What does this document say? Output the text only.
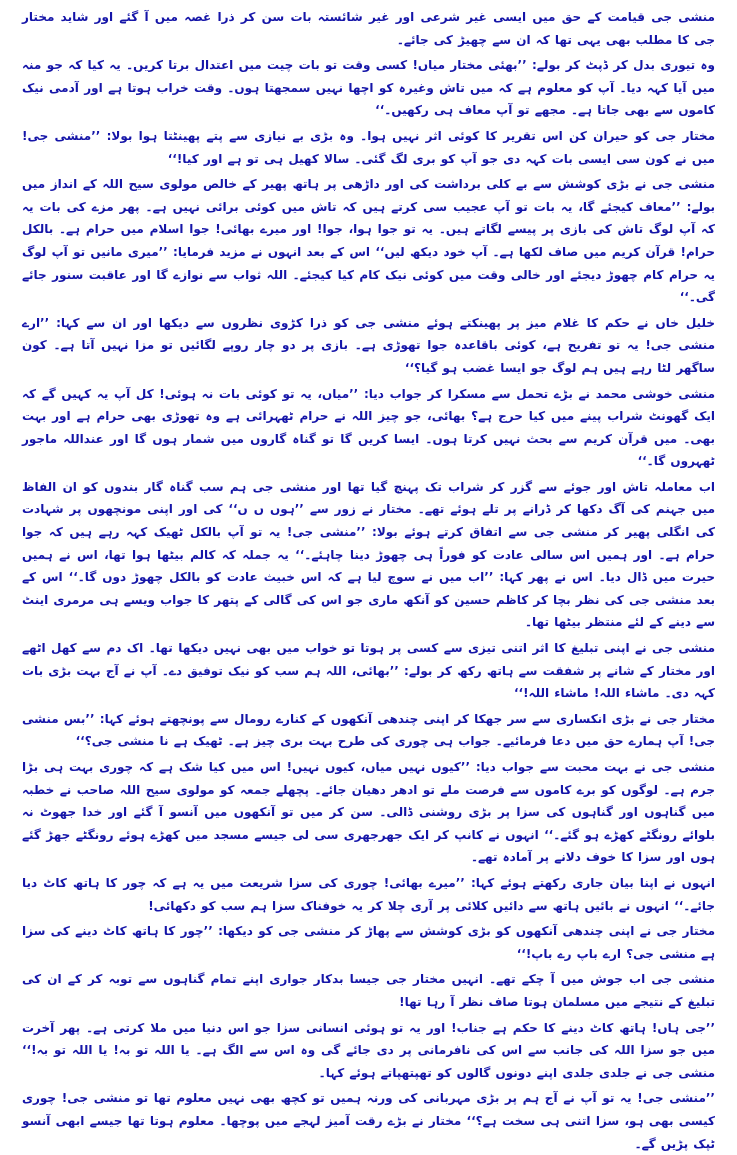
منشی جی قیامت کے حق میں ایسی غیر شرعی اور غیر شائستہ بات سن کر ذرا غصہ میں آ گئے اور شاید مختار جی کا مطلب بھی یہی تھا کہ ان سے چھیڑ کی جائے۔

وہ تیوری بدل کر ڈپٹ کر بولے: ’’بھئی مختار میاں! کسی وقت تو بات چیت میں اعتدال برتا کریں۔ یہ کیا کہ جو منہ میں آیا کہہ دیا۔ آپ کو معلوم ہے کہ میں تاش وغیرہ کو اچھا نہیں سمجھتا ہوں۔ وقت خراب ہوتا ہے اور آدمی نیک کاموں سے بھی جاتا ہے۔ مجھے تو آپ معاف ہی رکھیں۔‘‘

مختار جی کو حیران کن اس تقریر کا کوئی اثر نہیں ہوا۔ وہ بڑی بے نیازی سے پتے پھینٹتا ہوا بولا: ’’منشی جی! میں نے کون سی ایسی بات کہہ دی جو آپ کو بری لگ گئی۔ سالا کھیل ہی تو ہے اور کیا!‘‘

منشی جی نے بڑی کوشش سے بے کلی برداشت کی اور داڑھی پر ہاتھ پھیر کے خالص مولوی سیح اللہ کے انداز میں بولے: ’’معاف کیجئے گا، یہ بات تو آپ عجیب سی کرتے ہیں کہ تاش میں کوئی برائی نہیں ہے۔ پھر مزے کی بات یہ کہ آپ لوگ تاش کی بازی پر پیسے لگاتے ہیں۔ یہ تو جوا ہوا، جوا! اور میرے بھائی! جوا اسلام میں حرام ہے۔ بالکل حرام! قرآن کریم میں صاف لکھا ہے۔ آپ خود دیکھ لیں‘‘ اس کے بعد انہوں نے مزید فرمایا: ’’میری مانیں تو آپ لوگ یہ حرام کام چھوڑ دیجئے اور خالی وقت میں کوئی نیک کام کیا کیجئے۔ اللہ ثواب سے نوازے گا اور عاقبت سنور جائے گی۔‘‘

خلیل خاں نے حکم کا غلام میز پر پھینکتے ہوئے منشی جی کو ذرا کڑوی نظروں سے دیکھا اور ان سے کہا: ’’ارے منشی جی! یہ تو تفریح ہے، کوئی باقاعدہ جوا تھوڑی ہے۔ بازی پر دو چار روپے لگائیں تو مزا نہیں آتا ہے۔ کون ساگھر لٹا رہے ہیں ہم لوگ جو ایسا غضب ہو گیا؟‘‘

منشی خوشی محمد نے بڑے تحمل سے مسکرا کر جواب دیا: ’’میاں، یہ تو کوئی بات نہ ہوئی! کل آپ یہ کہیں گے کہ ایک گھونٹ شراب پینے میں کیا حرج ہے؟ بھائی، جو چیز اللہ نے حرام ٹھہرائی ہے وہ تھوڑی بھی حرام ہے اور بہت بھی۔ میں قرآن کریم سے بحث نہیں کرتا ہوں۔ ایسا کریں گا تو گناہ گاروں میں شمار ہوں گا اور عنداللہ ماجور ٹھہروں گا۔‘‘

اب معاملہ تاش اور جوئے سے گزر کر شراب تک پہنچ گیا تھا اور منشی جی ہم سب گناہ گار بندوں کو ان الفاظ میں جہنم کی آگ دکھا کر ڈرانے پر تلے ہوئے تھے۔ مختار نے زور سے ’’ہوں ں ں‘‘ کی اور اپنی مونچھوں پر شہادت کی انگلی پھیر کر منشی جی سے اتفاق کرتے ہوئے بولا: ’’منشی جی! یہ تو آپ بالکل ٹھیک کہہ رہے ہیں کہ جوا حرام ہے۔ اور ہمیں اس سالی عادت کو فوراً ہی چھوڑ دینا چاہئے۔‘‘ یہ جملہ کہ کالم بیٹھا ہوا تھا، اس نے ہمیں حیرت میں ڈال دیا۔ اس نے پھر کہا: ’’اب میں نے سوچ لیا ہے کہ اس خبیث عادت کو بالکل چھوڑ دوں گا۔‘‘ اس کے بعد منشی جی کی نظر بچا کر کاظم حسین کو آنکھ ماری جو اس کی گالی کے پتھر کا جواب ویسے ہی مرمری اینٹ سے دینے کے لئے منتظر بیٹھا تھا۔

منشی جی نے اپنی تبلیغ کا اثر اتنی تیزی سے کسی پر ہوتا تو خواب میں بھی نہیں دیکھا تھا۔ اک دم سے کھل اٹھے اور مختار کے شانے پر شفقت سے ہاتھ رکھ کر بولے: ’’بھائی، اللہ ہم سب کو نیک توفیق دے۔ آپ نے آج بہت بڑی بات کہہ دی۔ ماشاء اللہ! ماشاء اللہ!‘‘

مختار جی نے بڑی انکساری سے سر جھکا کر اپنی چندھی آنکھوں کے کنارے رومال سے پونچھتے ہوئے کہا: ’’بس منشی جی! آپ ہمارے حق میں دعا فرمائیے۔ جواب ہی چوری کی طرح بہت بری چیز ہے۔ ٹھیک ہے نا منشی جی؟‘‘

منشی جی نے بہت محبت سے جواب دیا: ’’کیوں نہیں میاں، کیوں نہیں! اس میں کیا شک ہے کہ چوری بہت ہی بڑا جرم ہے۔ لوگوں کو برے کاموں سے فرصت ملے تو ادھر دھیان جائے۔ پچھلے جمعہ کو مولوی سیح اللہ صاحب نے خطبہ میں گناہوں اور گناہوں کی سزا پر بڑی روشنی ڈالی۔ سن کر میں تو آنکھوں میں آنسو آ گئے اور خدا جھوٹ نہ بلوائے رونگٹے کھڑے ہو گئے۔‘‘ انہوں نے کانپ کر ایک جھرجھری سی لی جیسے مسجد میں کھڑے ہوئے رونگٹے جھڑ گئے ہوں اور سزا کا خوف دلانے پر آمادہ تھے۔

انہوں نے اپنا بیان جاری رکھتے ہوئے کہا: ’’میرے بھائی! چوری کی سزا شریعت میں یہ ہے کہ چور کا ہاتھ کاٹ دیا جائے۔‘‘ انہوں نے بائیں ہاتھ سے دائیں کلائی پر آری چلا کر یہ خوفناک سزا ہم سب کو دکھائی!

مختار جی نے اپنی چندھی آنکھوں کو بڑی کوشش سے پھاڑ کر منشی جی کو دیکھا: ’’چور کا ہاتھ کاٹ دینے کی سزا ہے منشی جی؟ ارے باپ رے باپ!‘‘

منشی جی اب جوش میں آ چکے تھے۔ انہیں مختار جی جیسا بدکار جواری اپنے تمام گناہوں سے توبہ کر کے ان کی تبلیغ کے نتیجے میں مسلمان ہوتا صاف نظر آ رہا تھا!

’’جی ہاں! ہاتھ کاٹ دینے کا حکم ہے جناب! اور یہ تو ہوئی انسانی سزا جو اس دنیا میں ملا کرتی ہے۔ پھر آخرت میں جو سزا اللہ کی جانب سے اس کی نافرمانی پر دی جائے گی وہ اس سے الگ ہے۔ یا اللہ تو بہ! یا اللہ تو بہ!‘‘ منشی جی نے جلدی جلدی اپنے دونوں گالوں کو تھپتھپاتے ہوئے کہا۔

’’منشی جی! یہ تو آپ نے آج ہم پر بڑی مہربانی کی ورنہ ہمیں تو کچھ بھی نہیں معلوم تھا تو منشی جی! چوری کیسی بھی ہو، سزا اتنی ہی سخت ہے؟‘‘ مختار نے بڑے رقت آمیز لہجے میں پوچھا۔ معلوم ہوتا تھا جیسے ابھی آنسو ٹپک پڑیں گے۔
